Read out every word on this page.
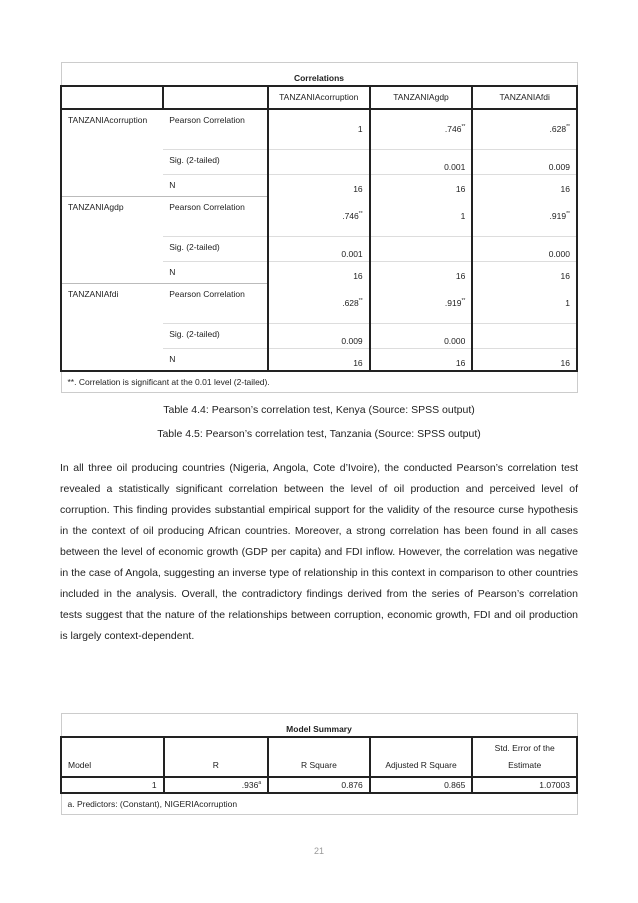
Correlations				
		TANZANIAcorruption	TANZANIAgdp	TANZANIAfdi
TANZANIAcorruption	Pearson Correlation	1	.746**	.628**
	Sig. (2-tailed)		0.001	0.009
	N	16	16	16
TANZANIAgdp	Pearson Correlation	.746**	1	.919**
	Sig. (2-tailed)	0.001		0.000
	N	16	16	16
TANZANIAfdi	Pearson Correlation	.628**	.919**	1
	Sig. (2-tailed)	0.009	0.000	
	N	16	16	16
**. Correlation is significant at the 0.01 level (2-tailed).				
Table 4.4: Pearson’s correlation test, Kenya (Source: SPSS output)
Table 4.5: Pearson’s correlation test, Tanzania (Source: SPSS output)
In all three oil producing countries (Nigeria, Angola, Cote d’Ivoire), the conducted Pearson’s correlation test revealed a statistically significant correlation between the level of oil production and perceived level of corruption. This finding provides substantial empirical support for the validity of the resource curse hypothesis in the context of oil producing African countries. Moreover, a strong correlation has been found in all cases between the level of economic growth (GDP per capita) and FDI inflow. However, the correlation was negative in the case of Angola, suggesting an inverse type of relationship in this context in comparison to other countries included in the analysis. Overall, the contradictory findings derived from the series of Pearson’s correlation tests suggest that the nature of the relationships between corruption, economic growth, FDI and oil production is largely context-dependent.
Model Summary				
Model	R	R Square	Adjusted R Square	Std. Error of the Estimate
1	.936$^a$	0.876	0.865	1.07003
a. Predictors: (Constant), NIGERIAcorruption				
21
